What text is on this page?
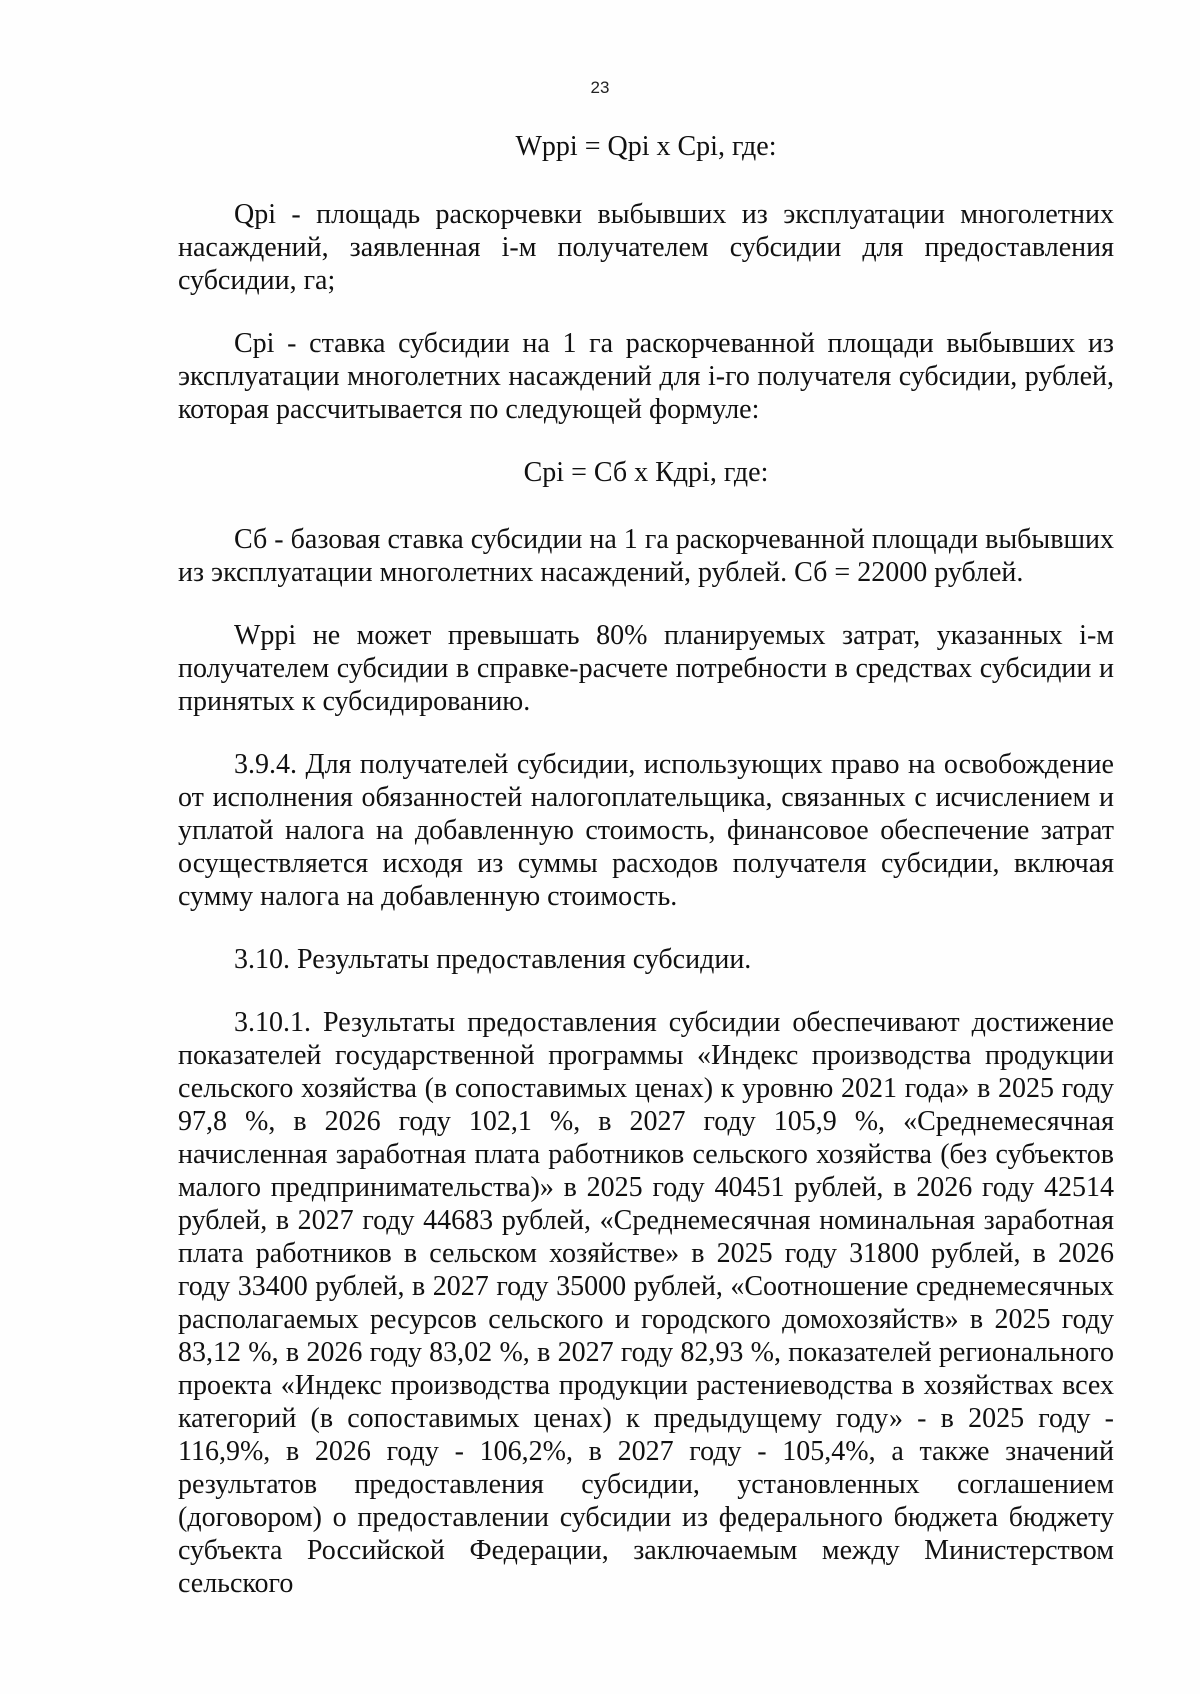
23

Wppi = Qpi x Cpi, где:

Qpi - площадь раскорчевки выбывших из эксплуатации многолетних насаждений, заявленная i-м получателем субсидии для предоставления субсидии, га;

Cpi - ставка субсидии на 1 га раскорчеванной площади выбывших из эксплуатации многолетних насаждений для i-го получателя субсидии, рублей, которая рассчитывается по следующей формуле:

Cpi = Сб x Кдрi, где:

Сб - базовая ставка субсидии на 1 га раскорчеванной площади выбывших из эксплуатации многолетних насаждений, рублей. Сб = 22000 рублей.

Wppi не может превышать 80% планируемых затрат, указанных i-м получателем субсидии в справке-расчете потребности в средствах субсидии и принятых к субсидированию.

3.9.4. Для получателей субсидии, использующих право на освобождение от исполнения обязанностей налогоплательщика, связанных с исчислением и уплатой налога на добавленную стоимость, финансовое обеспечение затрат осуществляется исходя из суммы расходов получателя субсидии, включая сумму налога на добавленную стоимость.

3.10. Результаты предоставления субсидии.

3.10.1. Результаты предоставления субсидии обеспечивают достижение показателей государственной программы «Индекс производства продукции сельского хозяйства (в сопоставимых ценах) к уровню 2021 года» в 2025 году 97,8 %, в 2026 году 102,1 %, в 2027 году 105,9 %, «Среднемесячная начисленная заработная плата работников сельского хозяйства (без субъектов малого предпринимательства)» в 2025 году 40451 рублей, в 2026 году 42514 рублей, в 2027 году 44683 рублей, «Среднемесячная номинальная заработная плата работников в сельском хозяйстве» в 2025 году 31800 рублей, в 2026 году 33400 рублей, в 2027 году 35000 рублей, «Соотношение среднемесячных располагаемых ресурсов сельского и городского домохозяйств» в 2025 году 83,12 %, в 2026 году 83,02 %, в 2027 году 82,93 %, показателей регионального проекта «Индекс производства продукции растениеводства в хозяйствах всех категорий (в сопоставимых ценах) к предыдущему году» - в 2025 году - 116,9%, в 2026 году - 106,2%, в 2027 году - 105,4%, а также значений результатов предоставления субсидии, установленных соглашением (договором) о предоставлении субсидии из федерального бюджета бюджету субъекта Российской Федерации, заключаемым между Министерством сельского
